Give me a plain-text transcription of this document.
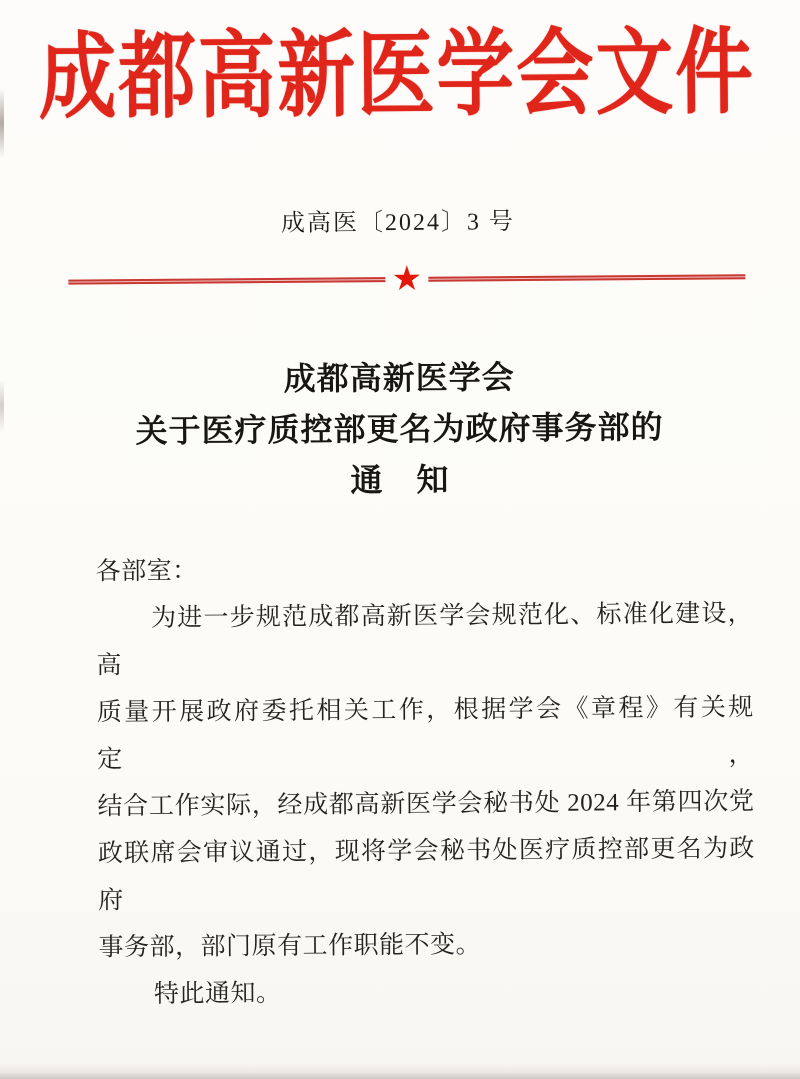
成都高新医学会文件
成高医〔2024〕3 号
★
成都高新医学会
关于医疗质控部更名为政府事务部的
通　知

各部室：

为进一步规范成都高新医学会规范化、标准化建设，高

质量开展政府委托相关工作，根据学会《章程》有关规定，

结合工作实际，经成都高新医学会秘书处 2024 年第四次党

政联席会审议通过，现将学会秘书处医疗质控部更名为政府

事务部，部门原有工作职能不变。

特此通知。
